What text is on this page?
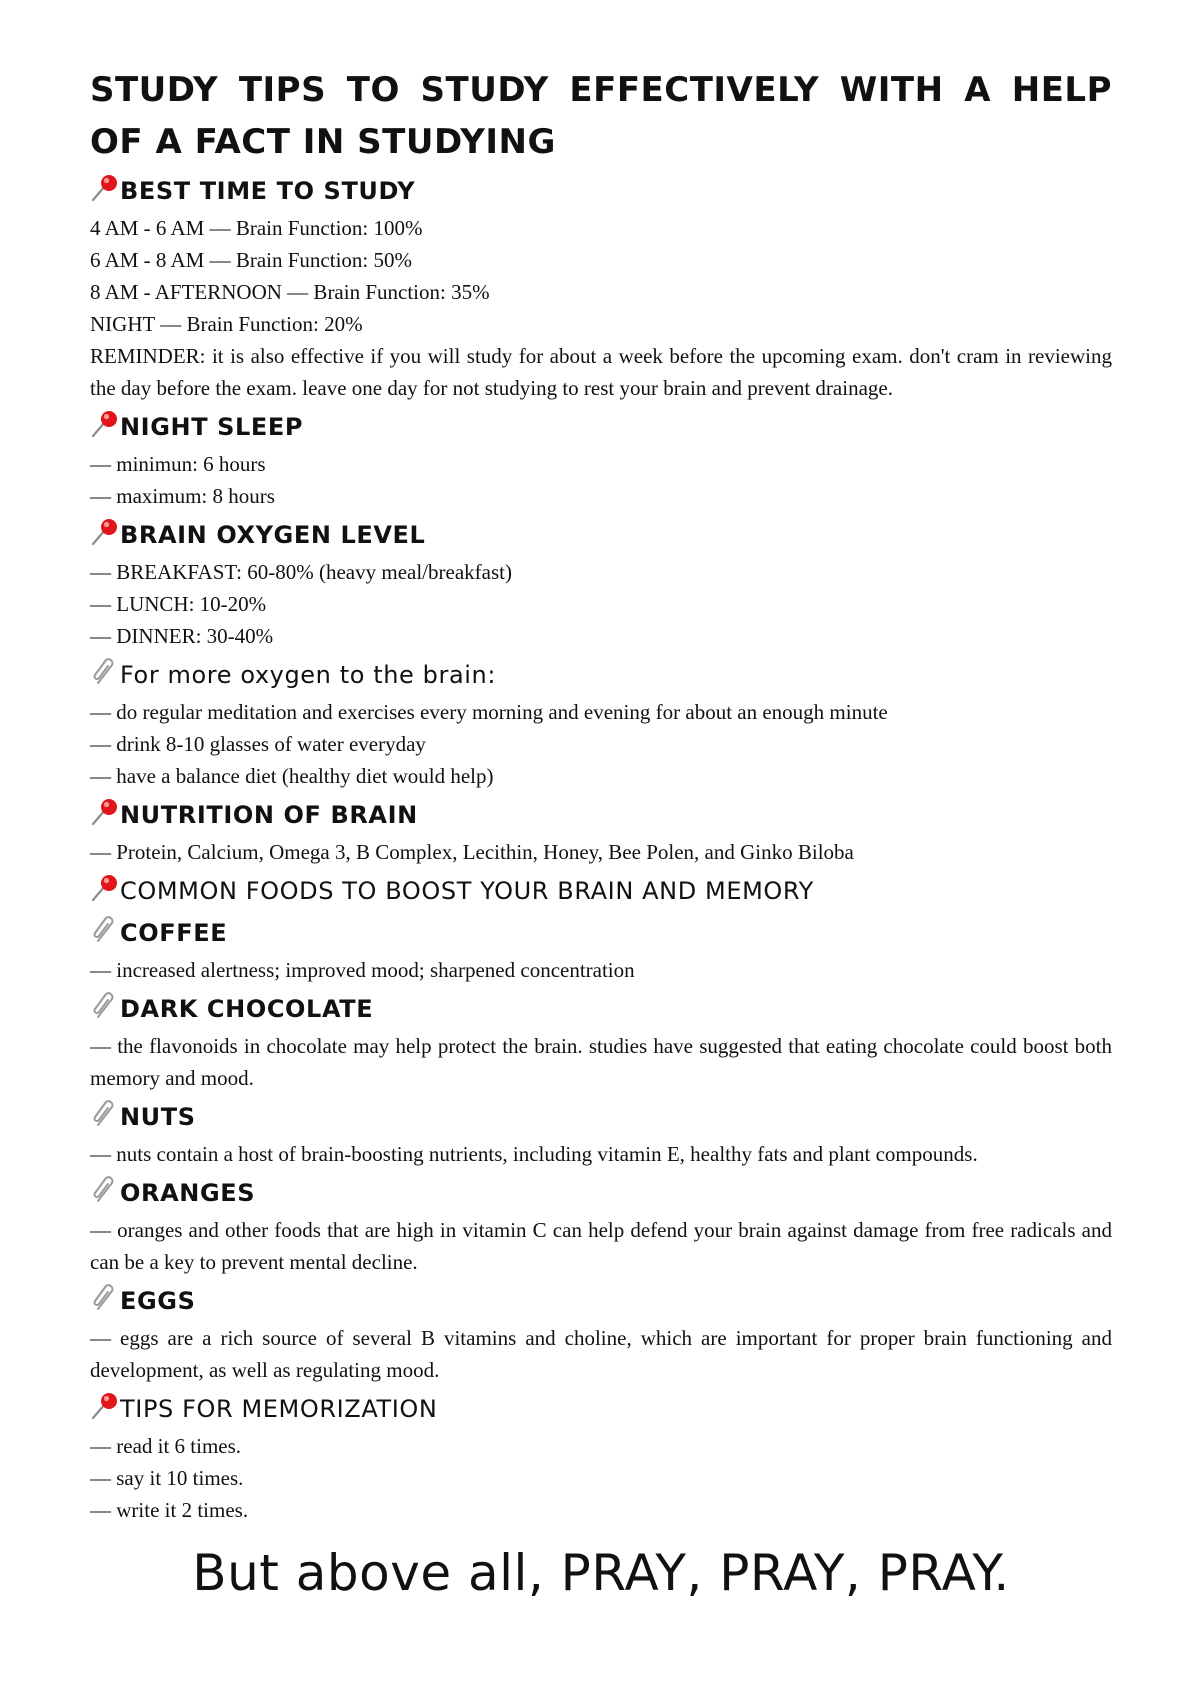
STUDY TIPS TO STUDY EFFECTIVELY WITH A HELP OF A FACT IN STUDYING
BEST TIME TO STUDY

4 AM - 6 AM — Brain Function: 100%

6 AM - 8 AM — Brain Function: 50%

8 AM - AFTERNOON — Brain Function: 35%

NIGHT — Brain Function: 20%

REMINDER: it is also effective if you will study for about a week before the upcoming exam. don't cram in reviewing the day before the exam. leave one day for not studying to rest your brain and prevent drainage.

NIGHT SLEEP

— minimun: 6 hours

— maximum: 8 hours

BRAIN OXYGEN LEVEL

— BREAKFAST: 60-80% (heavy meal/breakfast)

— LUNCH: 10-20%

— DINNER: 30-40%

For more oxygen to the brain:

— do regular meditation and exercises every morning and evening for about an enough minute

— drink 8-10 glasses of water everyday

— have a balance diet (healthy diet would help)

NUTRITION OF BRAIN

— Protein, Calcium, Omega 3, B Complex, Lecithin, Honey, Bee Polen, and Ginko Biloba

COMMON FOODS TO BOOST YOUR BRAIN AND MEMORY
COFFEE

— increased alertness; improved mood; sharpened concentration

DARK CHOCOLATE

— the flavonoids in chocolate may help protect the brain. studies have suggested that eating chocolate could boost both memory and mood.

NUTS

— nuts contain a host of brain-boosting nutrients, including vitamin E, healthy fats and plant compounds.

ORANGES

— oranges and other foods that are high in vitamin C can help defend your brain against damage from free radicals and can be a key to prevent mental decline.

EGGS

— eggs are a rich source of several B vitamins and choline, which are important for proper brain functioning and development, as well as regulating mood.

TIPS FOR MEMORIZATION

— read it 6 times.

— say it 10 times.

— write it 2 times.

But above all, PRAY, PRAY, PRAY.
